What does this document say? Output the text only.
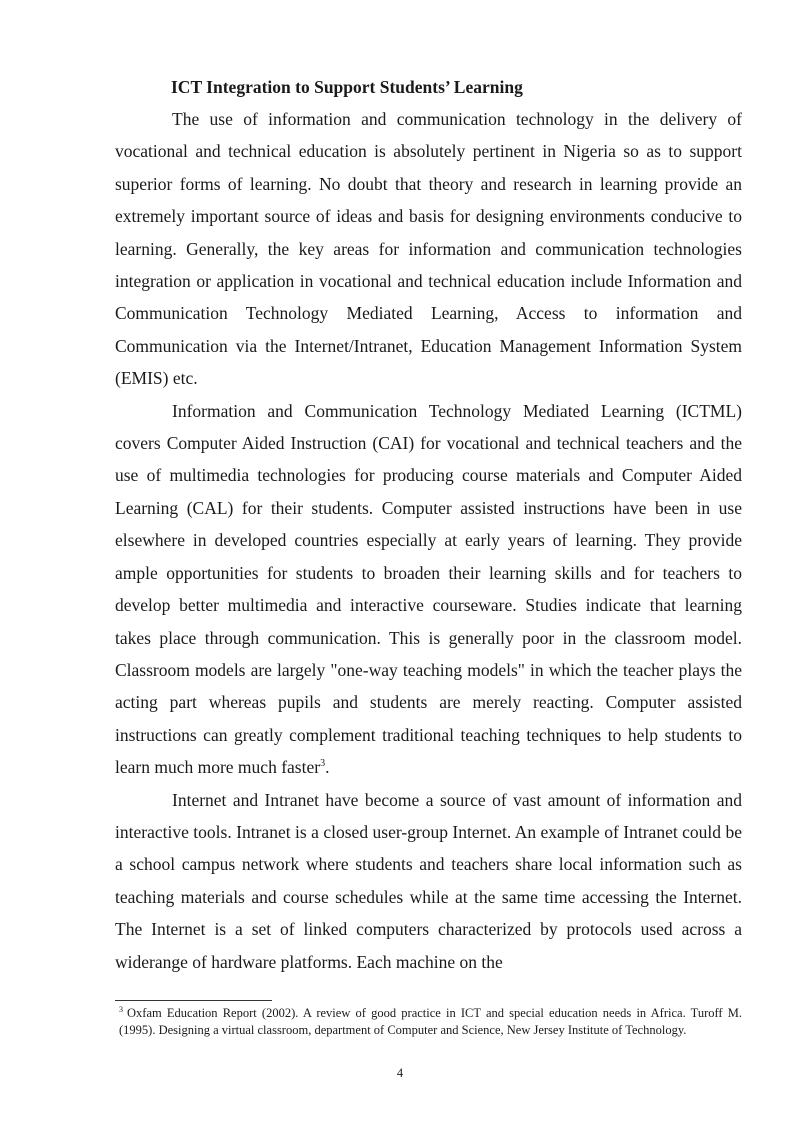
ICT Integration to Support Students’ Learning

The use of information and communication technology in the delivery of vocational and technical education is absolutely pertinent in Nigeria so as to support superior forms of learning. No doubt that theory and research in learning provide an extremely important source of ideas and basis for designing environments conducive to learning. Generally, the key areas for information and communication technologies integration or application in vocational and technical education include Information and Communication Technology Mediated Learning, Access to information and Communication via the Internet/Intranet, Education Management Information System (EMIS) etc.

Information and Communication Technology Mediated Learning (ICTML) covers Computer Aided Instruction (CAI) for vocational and technical teachers and the use of multimedia technologies for producing course materials and Computer Aided Learning (CAL) for their students. Computer assisted instructions have been in use elsewhere in developed countries especially at early years of learning. They provide ample opportunities for students to broaden their learning skills and for teachers to develop better multimedia and interactive courseware. Studies indicate that learning takes place through communication. This is generally poor in the classroom model. Classroom models are largely "one-way teaching models" in which the teacher plays the acting part whereas pupils and students are merely reacting. Computer assisted instructions can greatly complement traditional teaching techniques to help students to learn much more much faster$^3$.

Internet and Intranet have become a source of vast amount of information and interactive tools. Intranet is a closed user-group Internet. An example of Intranet could be a school campus network where students and teachers share local information such as teaching materials and course schedules while at the same time accessing the Internet. The Internet is a set of linked computers characterized by protocols used across a widerange of hardware platforms. Each machine on the

$^3$ Oxfam Education Report (2002). A review of good practice in ICT and special education needs in Africa. Turoff M. (1995). Designing a virtual classroom, department of Computer and Science, New Jersey Institute of Technology.
4
